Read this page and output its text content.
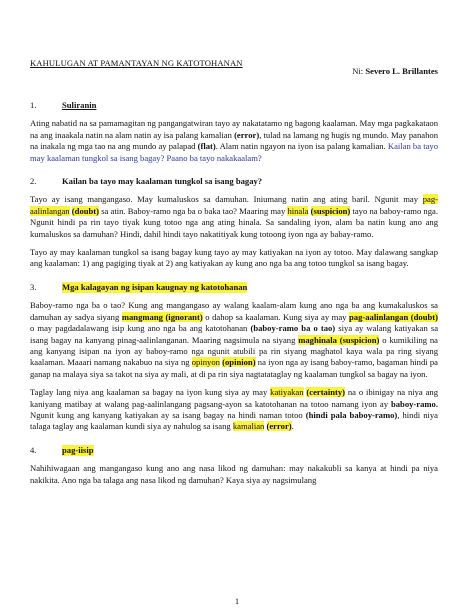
KAHULUGAN AT PAMANTAYAN NG KATOTOHANAN
Ni: Severo L. Brillantes
1.	Suliranin

Ating nabatid na sa pamamagitan ng pangangatwiran tayo ay nakatatamo ng bagong kaalaman. May mga pagkakataon na ang inaakala natin na alam natin ay isa palang kamalian (error), tulad na lamang ng hugis ng mundo. May panahon na inakala ng mga tao na ang mundo ay palapad (flat). Alam natin ngayon na iyon isa palang kamalian. Kailan ba tayo may kaalaman tungkol sa isang bagay? Paano ba tayo nakakaalam?

2.	Kailan ba tayo may kaalaman tungkol sa isang bagay?

Tayo ay isang mangangaso. May kumaluskos sa damuhan. Iniumang natin ang ating baril. Ngunit may pag-aalinlangan (doubt) sa atin. Baboy-ramo nga ba o baka tao? Maaring may hinala (suspicion) tayo na baboy-ramo nga. Ngunit hindi pa rin tayo tiyak kung totoo nga ang ating hinala. Sa sandaling iyon, alam ba natin kung ano ang kumaluskos sa damuhan? Hindi, dahil hindi tayo nakatitiyak kung totoong iyon nga ay babay-ramo.

Tayo ay may kaalaman tungkol sa isang bagay kung tayo ay may katiyakan na iyon ay totoo. May dalawang sangkap ang kaalaman: 1) ang pagiging tiyak at 2) ang katiyakan ay kung ano nga ba ang totoo tungkol sa isang bagay.

3.	Mga kalagayan ng isipan kaugnay ng katotohanan

Baboy-ramo nga ba o tao? Kung ang mangangaso ay walang kaalam-alam kung ano nga ba ang kumakaluskos sa damuhan ay sadya siyang mangmang (ignorant) o dahop sa kaalaman. Kung siya ay may pag-aalinlangan (doubt) o may pagdadalawang isip kung ano nga ba ang katotohanan (baboy-ramo ba o tao) siya ay walang katiyakan sa isang bagay na kanyang pinag-aalinlanganan. Maaring nagsimula na siyang maghinala (suspicion) o kumikiling na ang kanyang isipan na iyon ay baboy-ramo nga ngunit atubili pa rin siyang maghatol kaya wala pa ring siyang kaalaman. Maaari namang nakabuo na siya ng opinyon (opinion) na iyon nga ay isang baboy-ramo, bagaman hindi pa ganap na malaya siya sa takot na siya ay mali, at di pa rin siya nagtatataglay ng kaalaman tungkol sa bagay na iyon.

Taglay lang niya ang kaalaman sa bagay na iyon kung siya ay may katiyakan (certainty) na o ibinigay na niya ang kaniyang matibay at walang pag-aalinlangang pagsang-ayon sa katotohanan na totoo namang iyon ay baboy-ramo. Ngunit kung ang kanyang katiyakan ay sa isang bagay na hindi naman totoo (hindi pala baboy-ramo), hindi niya talaga taglay ang kaalaman kundi siya ay nahulog sa isang kamalian (error).

4.	pag-iisip

Nahihiwagaan ang mangangaso kung ano ang nasa likod ng damuhan: may nakakubli sa kanya at hindi pa niya nakikita. Ano nga ba talaga ang nasa likod ng damuhan? Kaya siya ay nagsimulang

1
